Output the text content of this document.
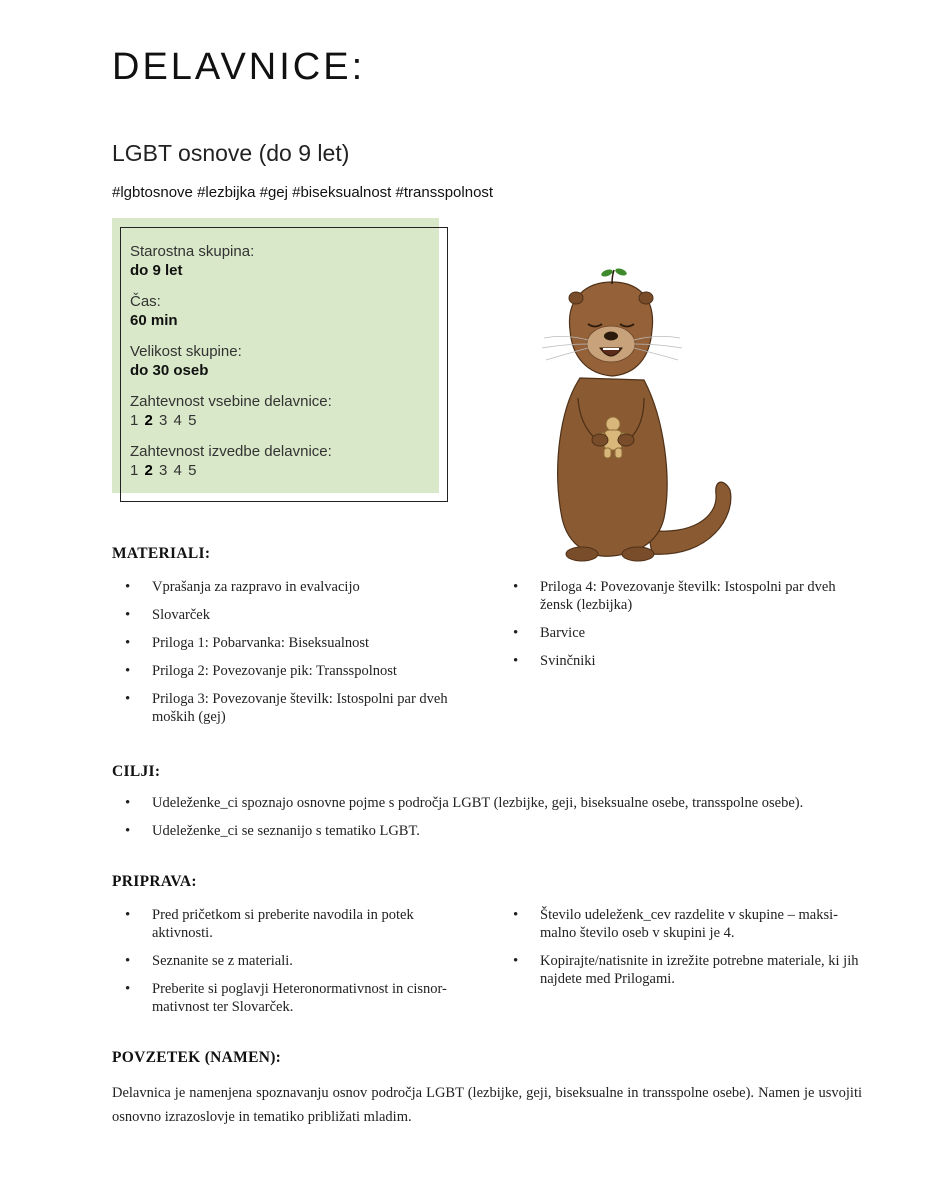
DELAVNICE:
LGBT osnove (do 9 let)
#lgbtosnove #lezbijka #gej #biseksualnost #transspolnost
Starostna skupina:
do 9 let
Čas:
60 min
Velikost skupine:
do 30 oseb
Zahtevnost vsebine delavnice:
1 2 3 4 5
Zahtevnost izvedbe delavnice:
1 2 3 4 5
MATERIALI:
• Vprašanja za razpravo in evalvacijo
• Slovarček
• Priloga 1: Pobarvanka: Biseksualnost
• Priloga 2: Povezovanje pik: Transspolnost
• Priloga 3: Povezovanje številk: Istospolni par dveh moških (gej)
• Priloga 4: Povezovanje številk: Istospolni par dveh žensk (lezbijka)
• Barvice
• Svinčniki
CILJI:
• Udeleženke_ci spoznajo osnovne pojme s področja LGBT (lezbijke, geji, biseksualne osebe, transspolne osebe).
• Udeleženke_ci se seznanijo s tematiko LGBT.
PRIPRAVA:
• Pred pričetkom si preberite navodila in potek aktivnosti.
• Seznanite se z materiali.
• Preberite si poglavji Heteronormativnost in cisnor-mativnost ter Slovarček.
• Število udeleženk_cev razdelite v skupine – maksi-malno število oseb v skupini je 4.
• Kopirajte/natisnite in izrežite potrebne materiale, ki jih najdete med Prilogami.
POVZETEK (NAMEN):
Delavnica je namenjena spoznavanju osnov področja LGBT (lezbijke, geji, biseksualne in transspolne osebe). Namen je usvojiti osnovno izrazoslovje in tematiko približati mladim.
